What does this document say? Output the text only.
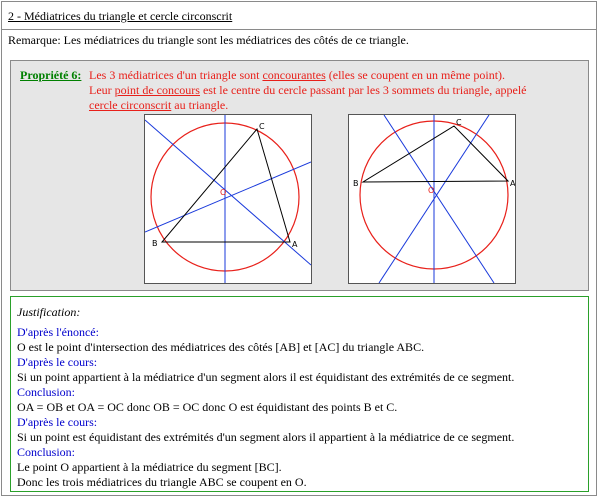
2 - Médiatrices du triangle et cercle circonscrit
Remarque: Les médiatrices du triangle sont les médiatrices des côtés de ce triangle.
Propriété 6: Les 3 médiatrices d'un triangle sont concourantes (elles se coupent en un même point).
Leur point de concours est le centre du cercle passant par les 3 sommets du triangle, appelé
cercle circonscrit au triangle.
C
B	A
O
C
B	A
O
Justification:
D'après l'énoncé:
O est le point d'intersection des médiatrices des côtés [AB] et [AC] du triangle ABC.
D'après le cours:
Si un point appartient à la médiatrice d'un segment alors il est équidistant des extrémités de ce segment.
Conclusion:
OA = OB et OA = OC donc OB = OC donc O est équidistant des points B et C.
D'après le cours:
Si un point est équidistant des extrémités d'un segment alors il appartient à la médiatrice de ce segment.
Conclusion:
Le point O appartient à la médiatrice du segment [BC].
Donc les trois médiatrices du triangle ABC se coupent en O.
